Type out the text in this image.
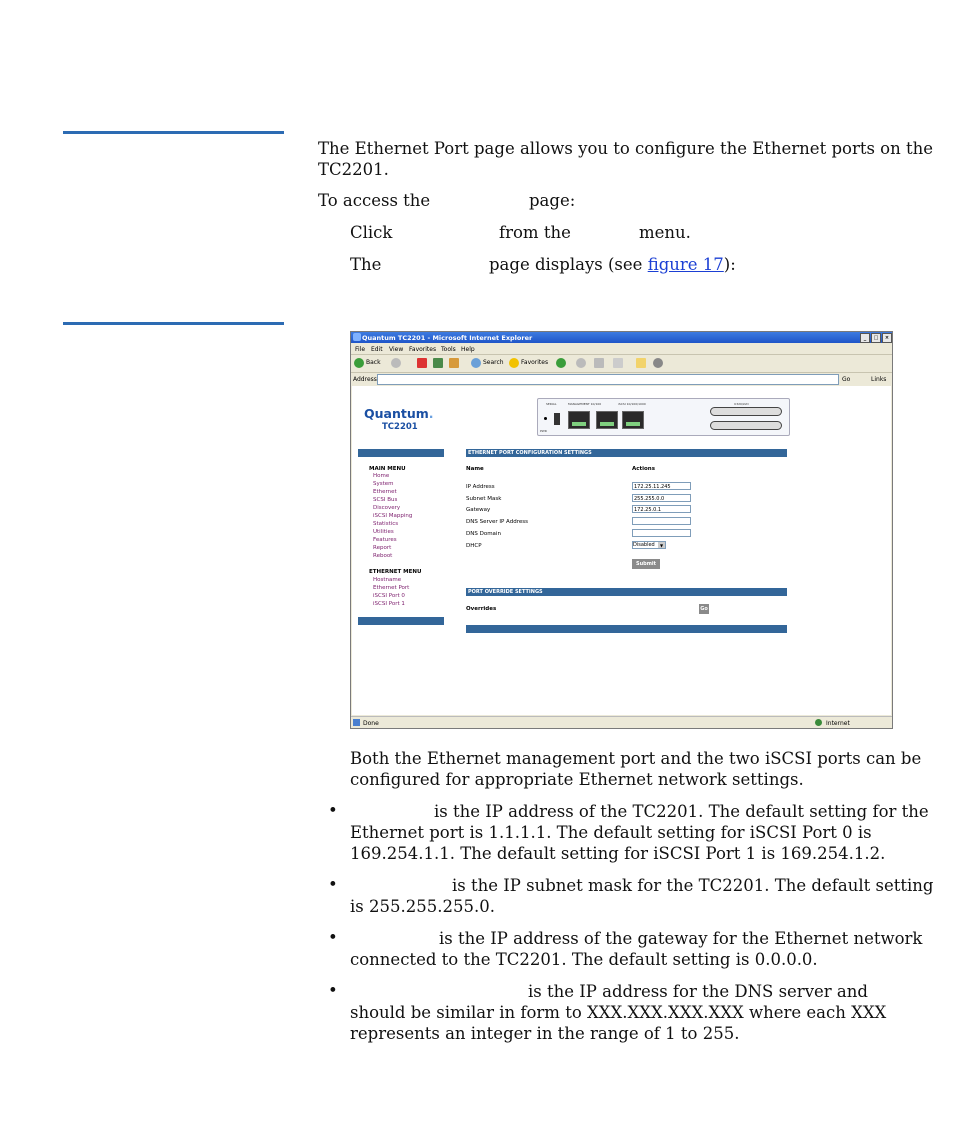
The Ethernet Port page allows you to configure the Ethernet ports on the
TC2201.
To access the	page:
Click	from the	menu.
The	page displays (see figure 17):
Quantum TC2201 - Microsoft Internet Explorer	_	□	×
File Edit View Favorites Tools Help
Back	Search	Favorites
Address	Go	Links
Quantum.
TC2201
SERIAL	MANAGEMENT 10/100	iSCSI 10/100/1000	U320/LVD
PWR
MAIN MENU
Home
System
Ethernet
SCSI Bus
Discovery
iSCSI Mapping
Statistics
Utilities
Features
Report
Reboot
ETHERNET MENU
Hostname
Ethernet Port
iSCSI Port 0
iSCSI Port 1
ETHERNET PORT CONFIGURATION SETTINGS
Name	Actions
IP Address	172.25.11.245
Subnet Mask	255.255.0.0
Gateway	172.25.0.1
DNS Server IP Address
DNS Domain
DHCP	Disabled	▼
Submit
PORT OVERRIDE SETTINGS
Overrides	Go
Done	Internet
Both the Ethernet management port and the two iSCSI ports can be
configured for appropriate Ethernet network settings.
•	is the IP address of the TC2201. The default setting for the
Ethernet port is 1.1.1.1. The default setting for iSCSI Port 0 is
169.254.1.1. The default setting for iSCSI Port 1 is 169.254.1.2.
•	is the IP subnet mask for the TC2201. The default setting
is 255.255.255.0.
•	is the IP address of the gateway for the Ethernet network
connected to the TC2201. The default setting is 0.0.0.0.
•	is the IP address for the DNS server and
should be similar in form to XXX.XXX.XXX.XXX where each XXX
represents an integer in the range of 1 to 255.
